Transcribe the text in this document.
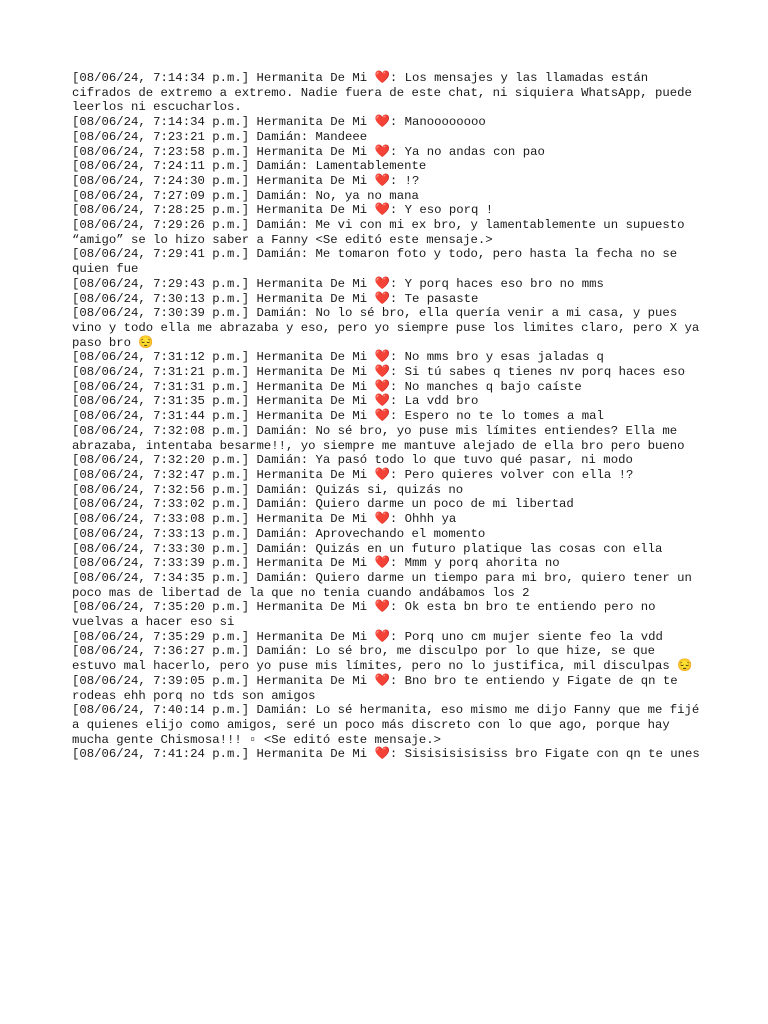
[08/06/24, 7:14:34 p.m.] Hermanita De Mi ❤️: Los mensajes y las llamadas están cifrados de extremo a extremo. Nadie fuera de este chat, ni siquiera WhatsApp, puede leerlos ni escucharlos.

[08/06/24, 7:14:34 p.m.] Hermanita De Mi ❤️: Manoooooooo

[08/06/24, 7:23:21 p.m.] Damián: Mandeee

[08/06/24, 7:23:58 p.m.] Hermanita De Mi ❤️: Ya no andas con pao

[08/06/24, 7:24:11 p.m.] Damián: Lamentablemente

[08/06/24, 7:24:30 p.m.] Hermanita De Mi ❤️: !?

[08/06/24, 7:27:09 p.m.] Damián: No, ya no mana

[08/06/24, 7:28:25 p.m.] Hermanita De Mi ❤️: Y eso porq !

[08/06/24, 7:29:26 p.m.] Damián: Me vi con mi ex bro, y lamentablemente un supuesto “amigo” se lo hizo saber a Fanny <Se editó este mensaje.>

[08/06/24, 7:29:41 p.m.] Damián: Me tomaron foto y todo, pero hasta la fecha no se quien fue

[08/06/24, 7:29:43 p.m.] Hermanita De Mi ❤️: Y porq haces eso bro no mms

[08/06/24, 7:30:13 p.m.] Hermanita De Mi ❤️: Te pasaste

[08/06/24, 7:30:39 p.m.] Damián: No lo sé bro, ella quería venir a mi casa, y pues vino y todo ella me abrazaba y eso, pero yo siempre puse los limites claro, pero X ya paso bro 😔

[08/06/24, 7:31:12 p.m.] Hermanita De Mi ❤️: No mms bro y esas jaladas q

[08/06/24, 7:31:21 p.m.] Hermanita De Mi ❤️: Si tú sabes q tienes nv porq haces eso

[08/06/24, 7:31:31 p.m.] Hermanita De Mi ❤️: No manches q bajo caíste

[08/06/24, 7:31:35 p.m.] Hermanita De Mi ❤️: La vdd bro

[08/06/24, 7:31:44 p.m.] Hermanita De Mi ❤️: Espero no te lo tomes a mal

[08/06/24, 7:32:08 p.m.] Damián: No sé bro, yo puse mis límites entiendes? Ella me abrazaba, intentaba besarme!!, yo siempre me mantuve alejado de ella bro pero bueno

[08/06/24, 7:32:20 p.m.] Damián: Ya pasó todo lo que tuvo qué pasar, ni modo

[08/06/24, 7:32:47 p.m.] Hermanita De Mi ❤️: Pero quieres volver con ella !?

[08/06/24, 7:32:56 p.m.] Damián: Quizás si, quizás no

[08/06/24, 7:33:02 p.m.] Damián: Quiero darme un poco de mi libertad

[08/06/24, 7:33:08 p.m.] Hermanita De Mi ❤️: Ohhh ya

[08/06/24, 7:33:13 p.m.] Damián: Aprovechando el momento

[08/06/24, 7:33:30 p.m.] Damián: Quizás en un futuro platique las cosas con ella

[08/06/24, 7:33:39 p.m.] Hermanita De Mi ❤️: Mmm y porq ahorita no

[08/06/24, 7:34:35 p.m.] Damián: Quiero darme un tiempo para mi bro, quiero tener un poco mas de libertad de la que no tenia cuando andábamos los 2

[08/06/24, 7:35:20 p.m.] Hermanita De Mi ❤️: Ok esta bn bro te entiendo pero no vuelvas a hacer eso si

[08/06/24, 7:35:29 p.m.] Hermanita De Mi ❤️: Porq uno cm mujer siente feo la vdd

[08/06/24, 7:36:27 p.m.] Damián: Lo sé bro, me disculpo por lo que hize, se que estuvo mal hacerlo, pero yo puse mis límites, pero no lo justifica, mil disculpas 😔

[08/06/24, 7:39:05 p.m.] Hermanita De Mi ❤️: Bno bro te entiendo y Figate de qn te rodeas ehh porq no tds son amigos

[08/06/24, 7:40:14 p.m.] Damián: Lo sé hermanita, eso mismo me dijo Fanny que me fijé a quienes elijo como amigos, seré un poco más discreto con lo que ago, porque hay mucha gente Chismosa!!! ▫ <Se editó este mensaje.>

[08/06/24, 7:41:24 p.m.] Hermanita De Mi ❤️: Sisisisisisiss bro Figate con qn te unes
